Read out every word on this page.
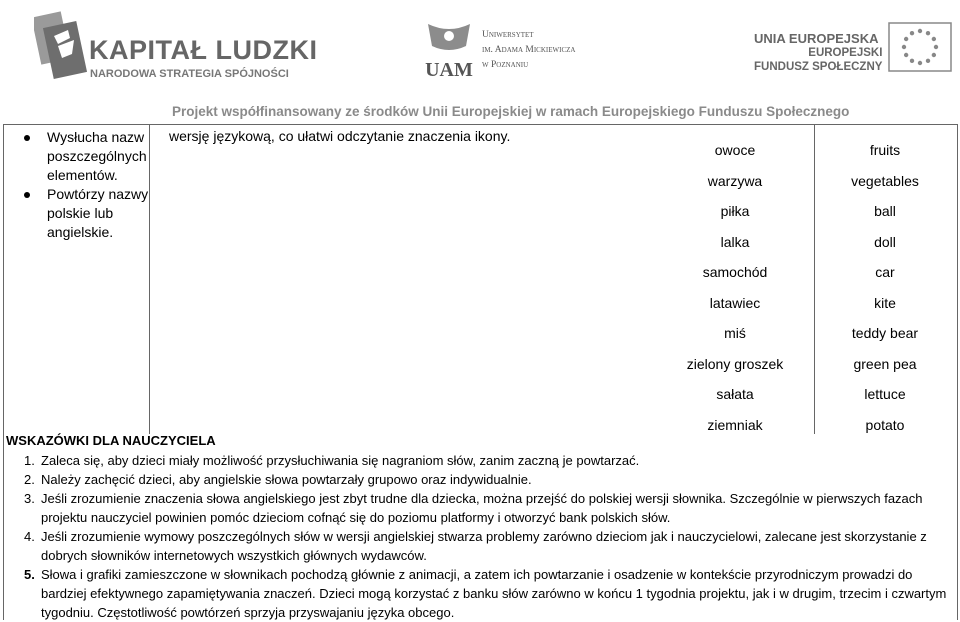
KAPITAŁ LUDZKI
NARODOWA STRATEGIA SPÓJNOŚCI	UAM
Uniwersytet
im. Adama Mickiewicza
w Poznaniu
UNIA EUROPEJSKA
EUROPEJSKI
FUNDUSZ SPOŁECZNY
Projekt współfinansowany ze środków Unii Europejskiej w ramach Europejskiego Funduszu Społecznego
Wysłucha nazw poszczególnych elementów.
Powtórzy nazwy polskie lub angielskie.
wersję językową, co ułatwi odczytanie znaczenia ikony.
owoce
warzywa
piłka
lalka
samochód
latawiec
miś
zielony groszek
sałata
ziemniak
fruits
vegetables
ball
doll
car
kite
teddy bear
green pea
lettuce
potato
WSKAZÓWKI DLA NAUCZYCIELA
1. Zaleca się, aby dzieci miały możliwość przysłuchiwania się nagraniom słów, zanim zaczną je powtarzać.
2. Należy zachęcić dzieci, aby angielskie słowa powtarzały grupowo oraz indywidualnie.
3. Jeśli zrozumienie znaczenia słowa angielskiego jest zbyt trudne dla dziecka, można przejść do polskiej wersji słownika. Szczególnie w pierwszych fazach projektu nauczyciel powinien pomóc dzieciom cofnąć się do poziomu platformy i otworzyć bank polskich słów.
4. Jeśli zrozumienie wymowy poszczególnych słów w wersji angielskiej stwarza problemy zarówno dzieciom jak i nauczycielowi, zalecane jest skorzystanie z dobrych słowników internetowych wszystkich głównych wydawców.
5. Słowa i grafiki zamieszczone w słownikach pochodzą głównie z animacji, a zatem ich powtarzanie i osadzenie w kontekście przyrodniczym prowadzi do bardziej efektywnego zapamiętywania znaczeń. Dzieci mogą korzystać z banku słów zarówno w końcu 1 tygodnia projektu, jak i w drugim, trzecim i czwartym tygodniu. Częstotliwość powtórzeń sprzyja przyswajaniu języka obcego.
